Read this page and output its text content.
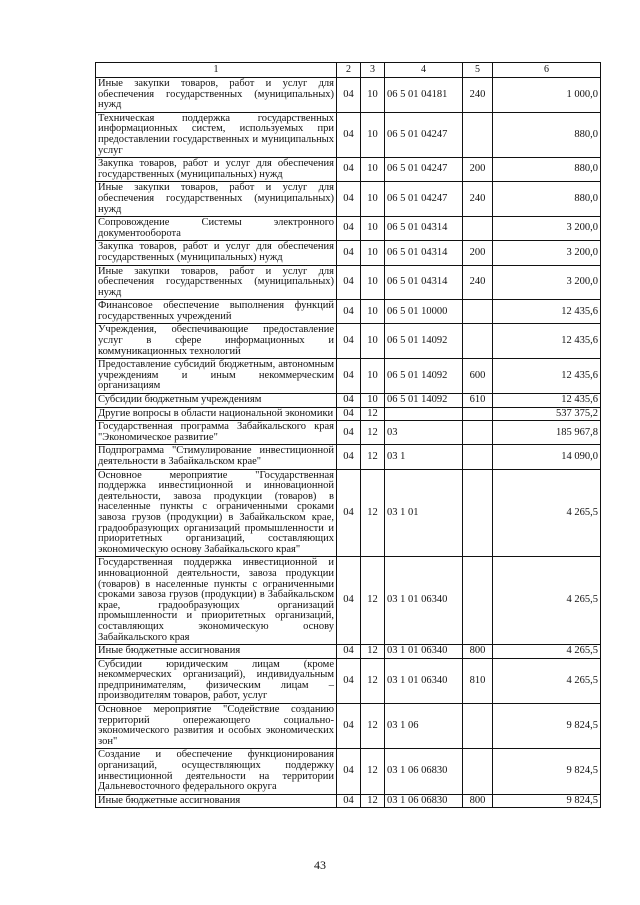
1	2	3	4	5	6
Иные закупки товаров, работ и услуг для обеспечения государственных (муниципальных) нужд	04	10	06 5 01 04181	240	1 000,0
Техническая поддержка государственных информационных систем, используемых при предоставлении государственных и муниципальных услуг	04	10	06 5 01 04247		880,0
Закупка товаров, работ и услуг для обеспечения государственных (муниципальных) нужд	04	10	06 5 01 04247	200	880,0
Иные закупки товаров, работ и услуг для обеспечения государственных (муниципальных) нужд	04	10	06 5 01 04247	240	880,0
Сопровождение Системы электронного документооборота	04	10	06 5 01 04314		3 200,0
Закупка товаров, работ и услуг для обеспечения государственных (муниципальных) нужд	04	10	06 5 01 04314	200	3 200,0
Иные закупки товаров, работ и услуг для обеспечения государственных (муниципальных) нужд	04	10	06 5 01 04314	240	3 200,0
Финансовое обеспечение выполнения функций государственных учреждений	04	10	06 5 01 10000		12 435,6
Учреждения, обеспечивающие предоставление услуг в сфере информационных и коммуникационных технологий	04	10	06 5 01 14092		12 435,6
Предоставление субсидий бюджетным, автономным учреждениям и иным некоммерческим организациям	04	10	06 5 01 14092	600	12 435,6
Субсидии бюджетным учреждениям	04	10	06 5 01 14092	610	12 435,6
Другие вопросы в области национальной экономики	04	12			537 375,2
Государственная программа Забайкальского края "Экономическое развитие"	04	12	03		185 967,8
Подпрограмма "Стимулирование инвестиционной деятельности в Забайкальском крае"	04	12	03 1		14 090,0
Основное мероприятие "Государственная поддержка инвестиционной и инновационной деятельности, завоза продукции (товаров) в населенные пункты с ограниченными сроками завоза грузов (продукции) в Забайкальском крае, градообразующих организаций промышленности и приоритетных организаций, составляющих экономическую основу Забайкальского края"	04	12	03 1 01		4 265,5
Государственная поддержка инвестиционной и инновационной деятельности, завоза продукции (товаров) в населенные пункты с ограниченными сроками завоза грузов (продукции) в Забайкальском крае, градообразующих организаций промышленности и приоритетных организаций, составляющих экономическую основу Забайкальского края	04	12	03 1 01 06340		4 265,5
Иные бюджетные ассигнования	04	12	03 1 01 06340	800	4 265,5
Субсидии юридическим лицам (кроме некоммерческих организаций), индивидуальным предпринимателям, физическим лицам – производителям товаров, работ, услуг	04	12	03 1 01 06340	810	4 265,5
Основное мероприятие "Содействие созданию территорий опережающего социально-экономического развития и особых экономических зон"	04	12	03 1 06		9 824,5
Создание и обеспечение функционирования организаций, осуществляющих поддержку инвестиционной деятельности на территории Дальневосточного федерального округа	04	12	03 1 06 06830		9 824,5
Иные бюджетные ассигнования	04	12	03 1 06 06830	800	9 824,5
43
